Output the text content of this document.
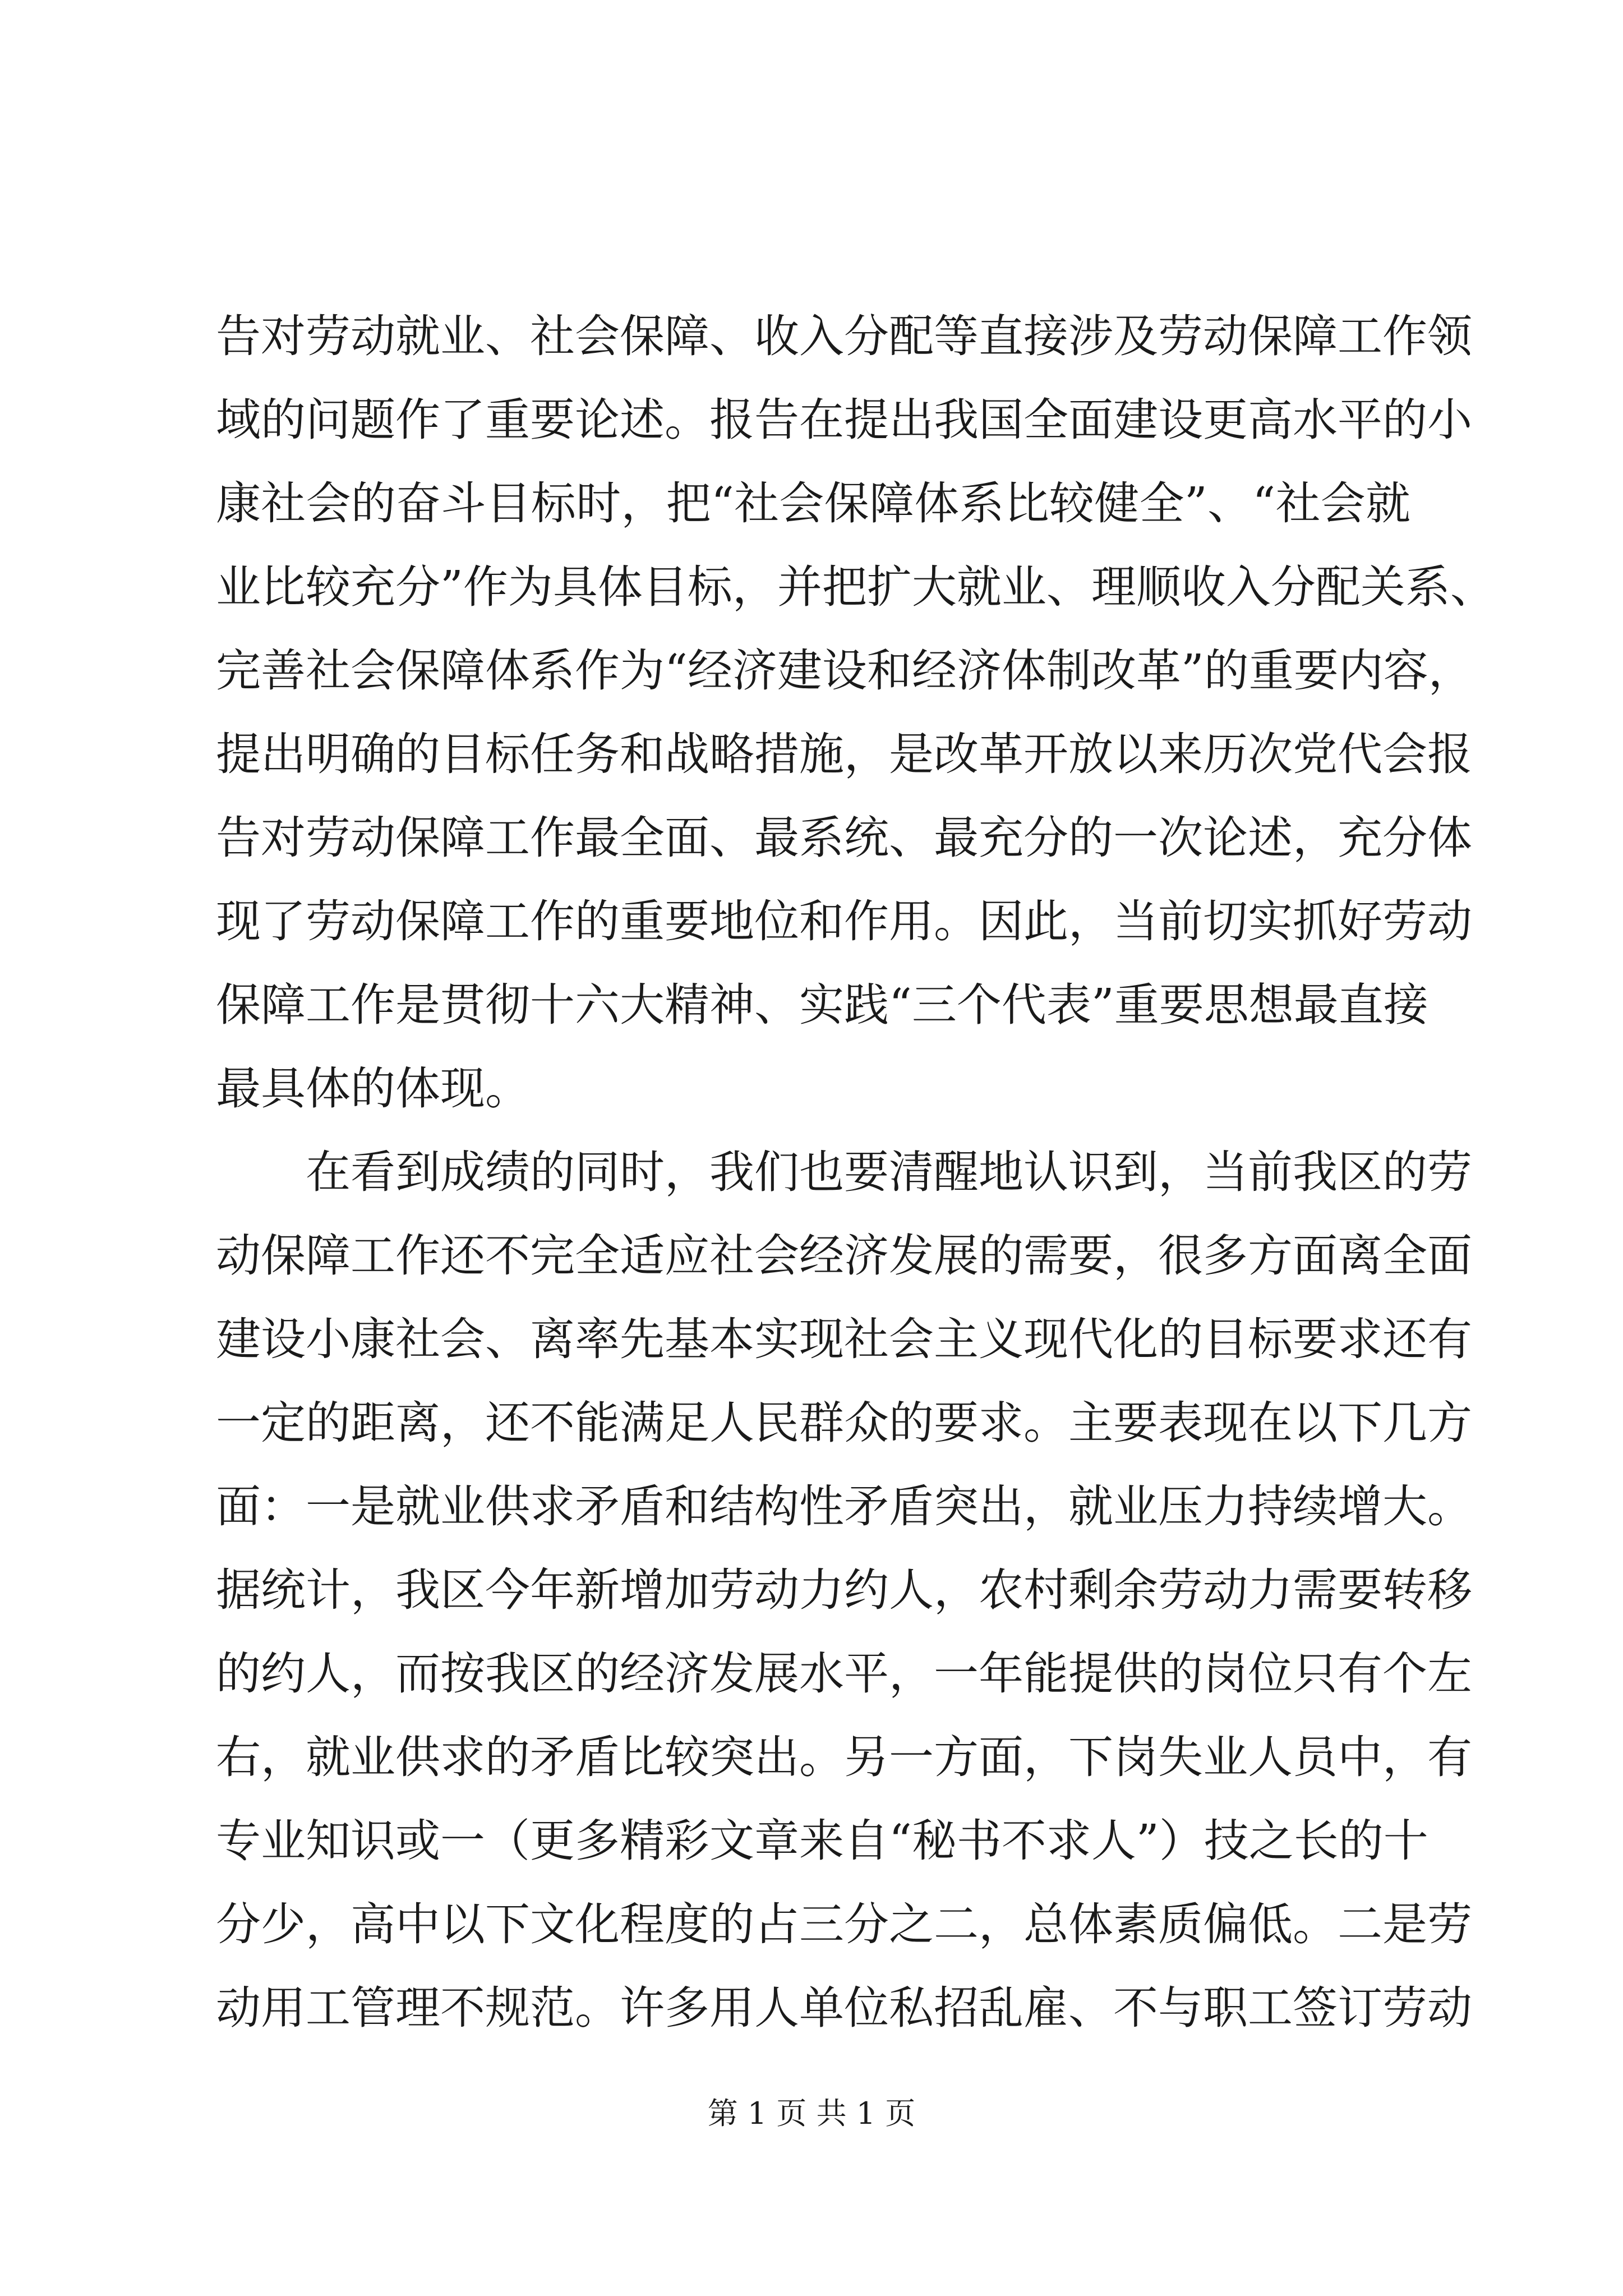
告对劳动就业、社会保障、收入分配等直接涉及劳动保障工作领
域的问题作了重要论述。报告在提出我国全面建设更高水平的小
康社会的奋斗目标时，把“社会保障体系比较健全”、“社会就
业比较充分”作为具体目标，并把扩大就业、理顺收入分配关系、
完善社会保障体系作为“经济建设和经济体制改革”的重要内容，
提出明确的目标任务和战略措施，是改革开放以来历次党代会报
告对劳动保障工作最全面、最系统、最充分的一次论述，充分体
现了劳动保障工作的重要地位和作用。因此，当前切实抓好劳动
保障工作是贯彻十六大精神、实践“三个代表”重要思想最直接
最具体的体现。
在看到成绩的同时，我们也要清醒地认识到，当前我区的劳
动保障工作还不完全适应社会经济发展的需要，很多方面离全面
建设小康社会、离率先基本实现社会主义现代化的目标要求还有
一定的距离，还不能满足人民群众的要求。主要表现在以下几方
面：一是就业供求矛盾和结构性矛盾突出，就业压力持续增大。
据统计，我区今年新增加劳动力约人，农村剩余劳动力需要转移
的约人，而按我区的经济发展水平，一年能提供的岗位只有个左
右，就业供求的矛盾比较突出。另一方面，下岗失业人员中，有
专业知识或一（更多精彩文章来自“秘书不求人”）技之长的十
分少，高中以下文化程度的占三分之二，总体素质偏低。二是劳
动用工管理不规范。许多用人单位私招乱雇、不与职工签订劳动
第 1 页 共 1 页
